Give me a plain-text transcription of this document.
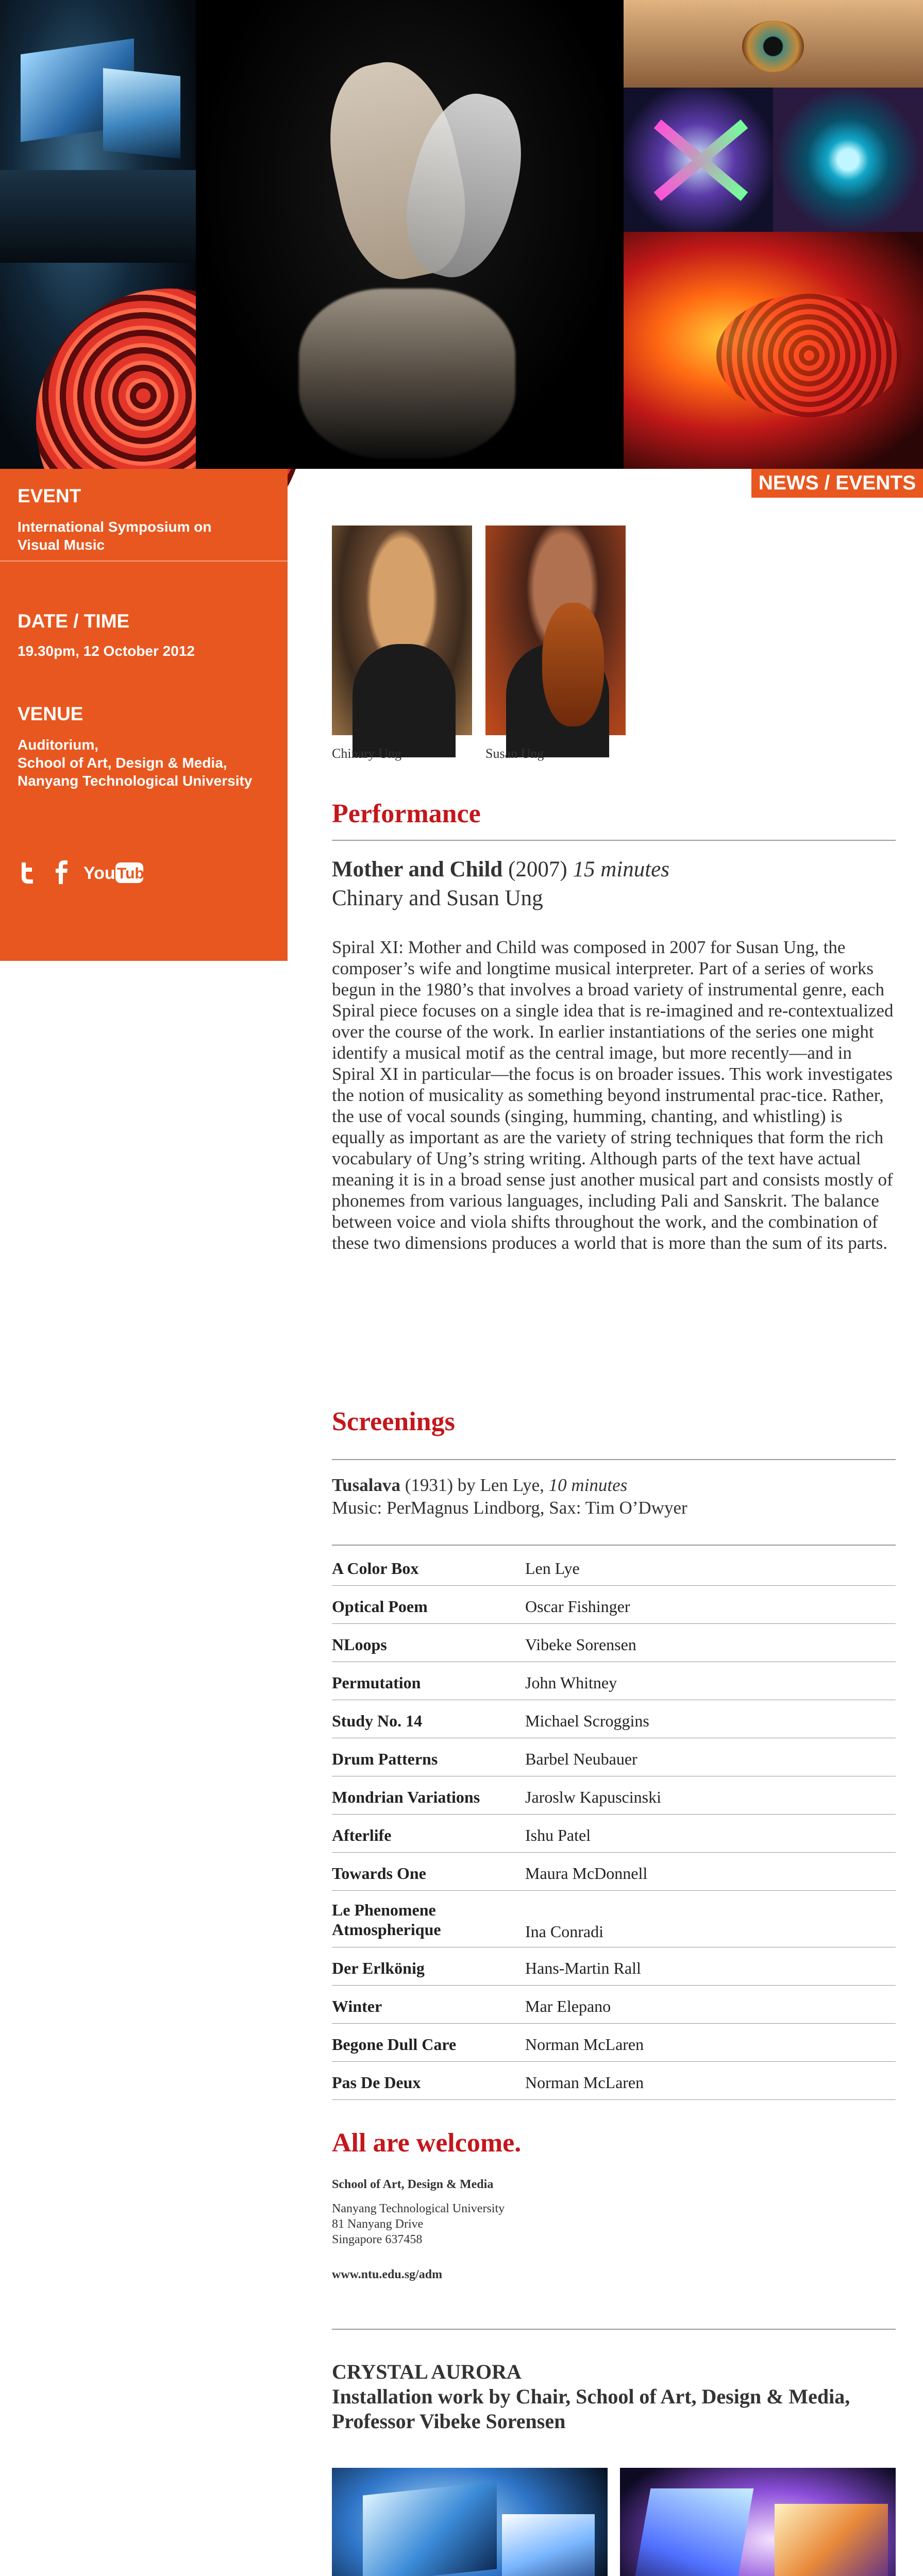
EVENT
International Symposium on Visual Music
DATE / TIME
19.30pm, 12 October 2012
VENUE
Auditorium,
School of Art, Design & Media,
Nanyang Technological University
You Tube
NEWS / EVENTS
Chinary Ung	Susan Ung
Performance
Mother and Child (2007) 15 minutes
Chinary and Susan Ung
Spiral XI: Mother and Child was composed in 2007 for Susan Ung, the composer’s wife and longtime musical interpreter. Part of a series of works begun in the 1980’s that involves a broad variety of instrumental genre, each Spiral piece focuses on a single idea that is re-imagined and re-contextualized over the course of the work. In earlier instantiations of the series one might identify a musical motif as the central image, but more recently—and in Spiral XI in particular—the focus is on broader issues. This work investigates the notion of musicality as something beyond instrumental prac-tice. Rather, the use of vocal sounds (singing, humming, chanting, and whistling) is equally as important as are the variety of string techniques that form the rich vocabulary of Ung’s string writing. Although parts of the text have actual meaning it is in a broad sense just another musical part and consists mostly of phonemes from various languages, including Pali and Sanskrit. The balance between voice and viola shifts throughout the work, and the combination of these two dimensions produces a world that is more than the sum of its parts.
Screenings
Tusalava (1931) by Len Lye, 10 minutes
Music: PerMagnus Lindborg, Sax: Tim O’Dwyer
A Color Box	Len Lye
Optical Poem	Oscar Fishinger
NLoops	Vibeke Sorensen
Permutation	John Whitney
Study No. 14	Michael Scroggins
Drum Patterns	Barbel Neubauer
Mondrian Variations	Jaroslw Kapuscinski
Afterlife	Ishu Patel
Towards One	Maura McDonnell
Le Phenomene Atmospherique	Ina Conradi
Der Erlkönig	Hans-Martin Rall
Winter	Mar Elepano
Begone Dull Care	Norman McLaren
Pas De Deux	Norman McLaren
All are welcome.
School of Art, Design & Media
Nanyang Technological University
81 Nanyang Drive
Singapore 637458
www.ntu.edu.sg/adm
CRYSTAL AURORA
Installation work by Chair, School of Art, Design & Media,
Professor Vibeke Sorensen
